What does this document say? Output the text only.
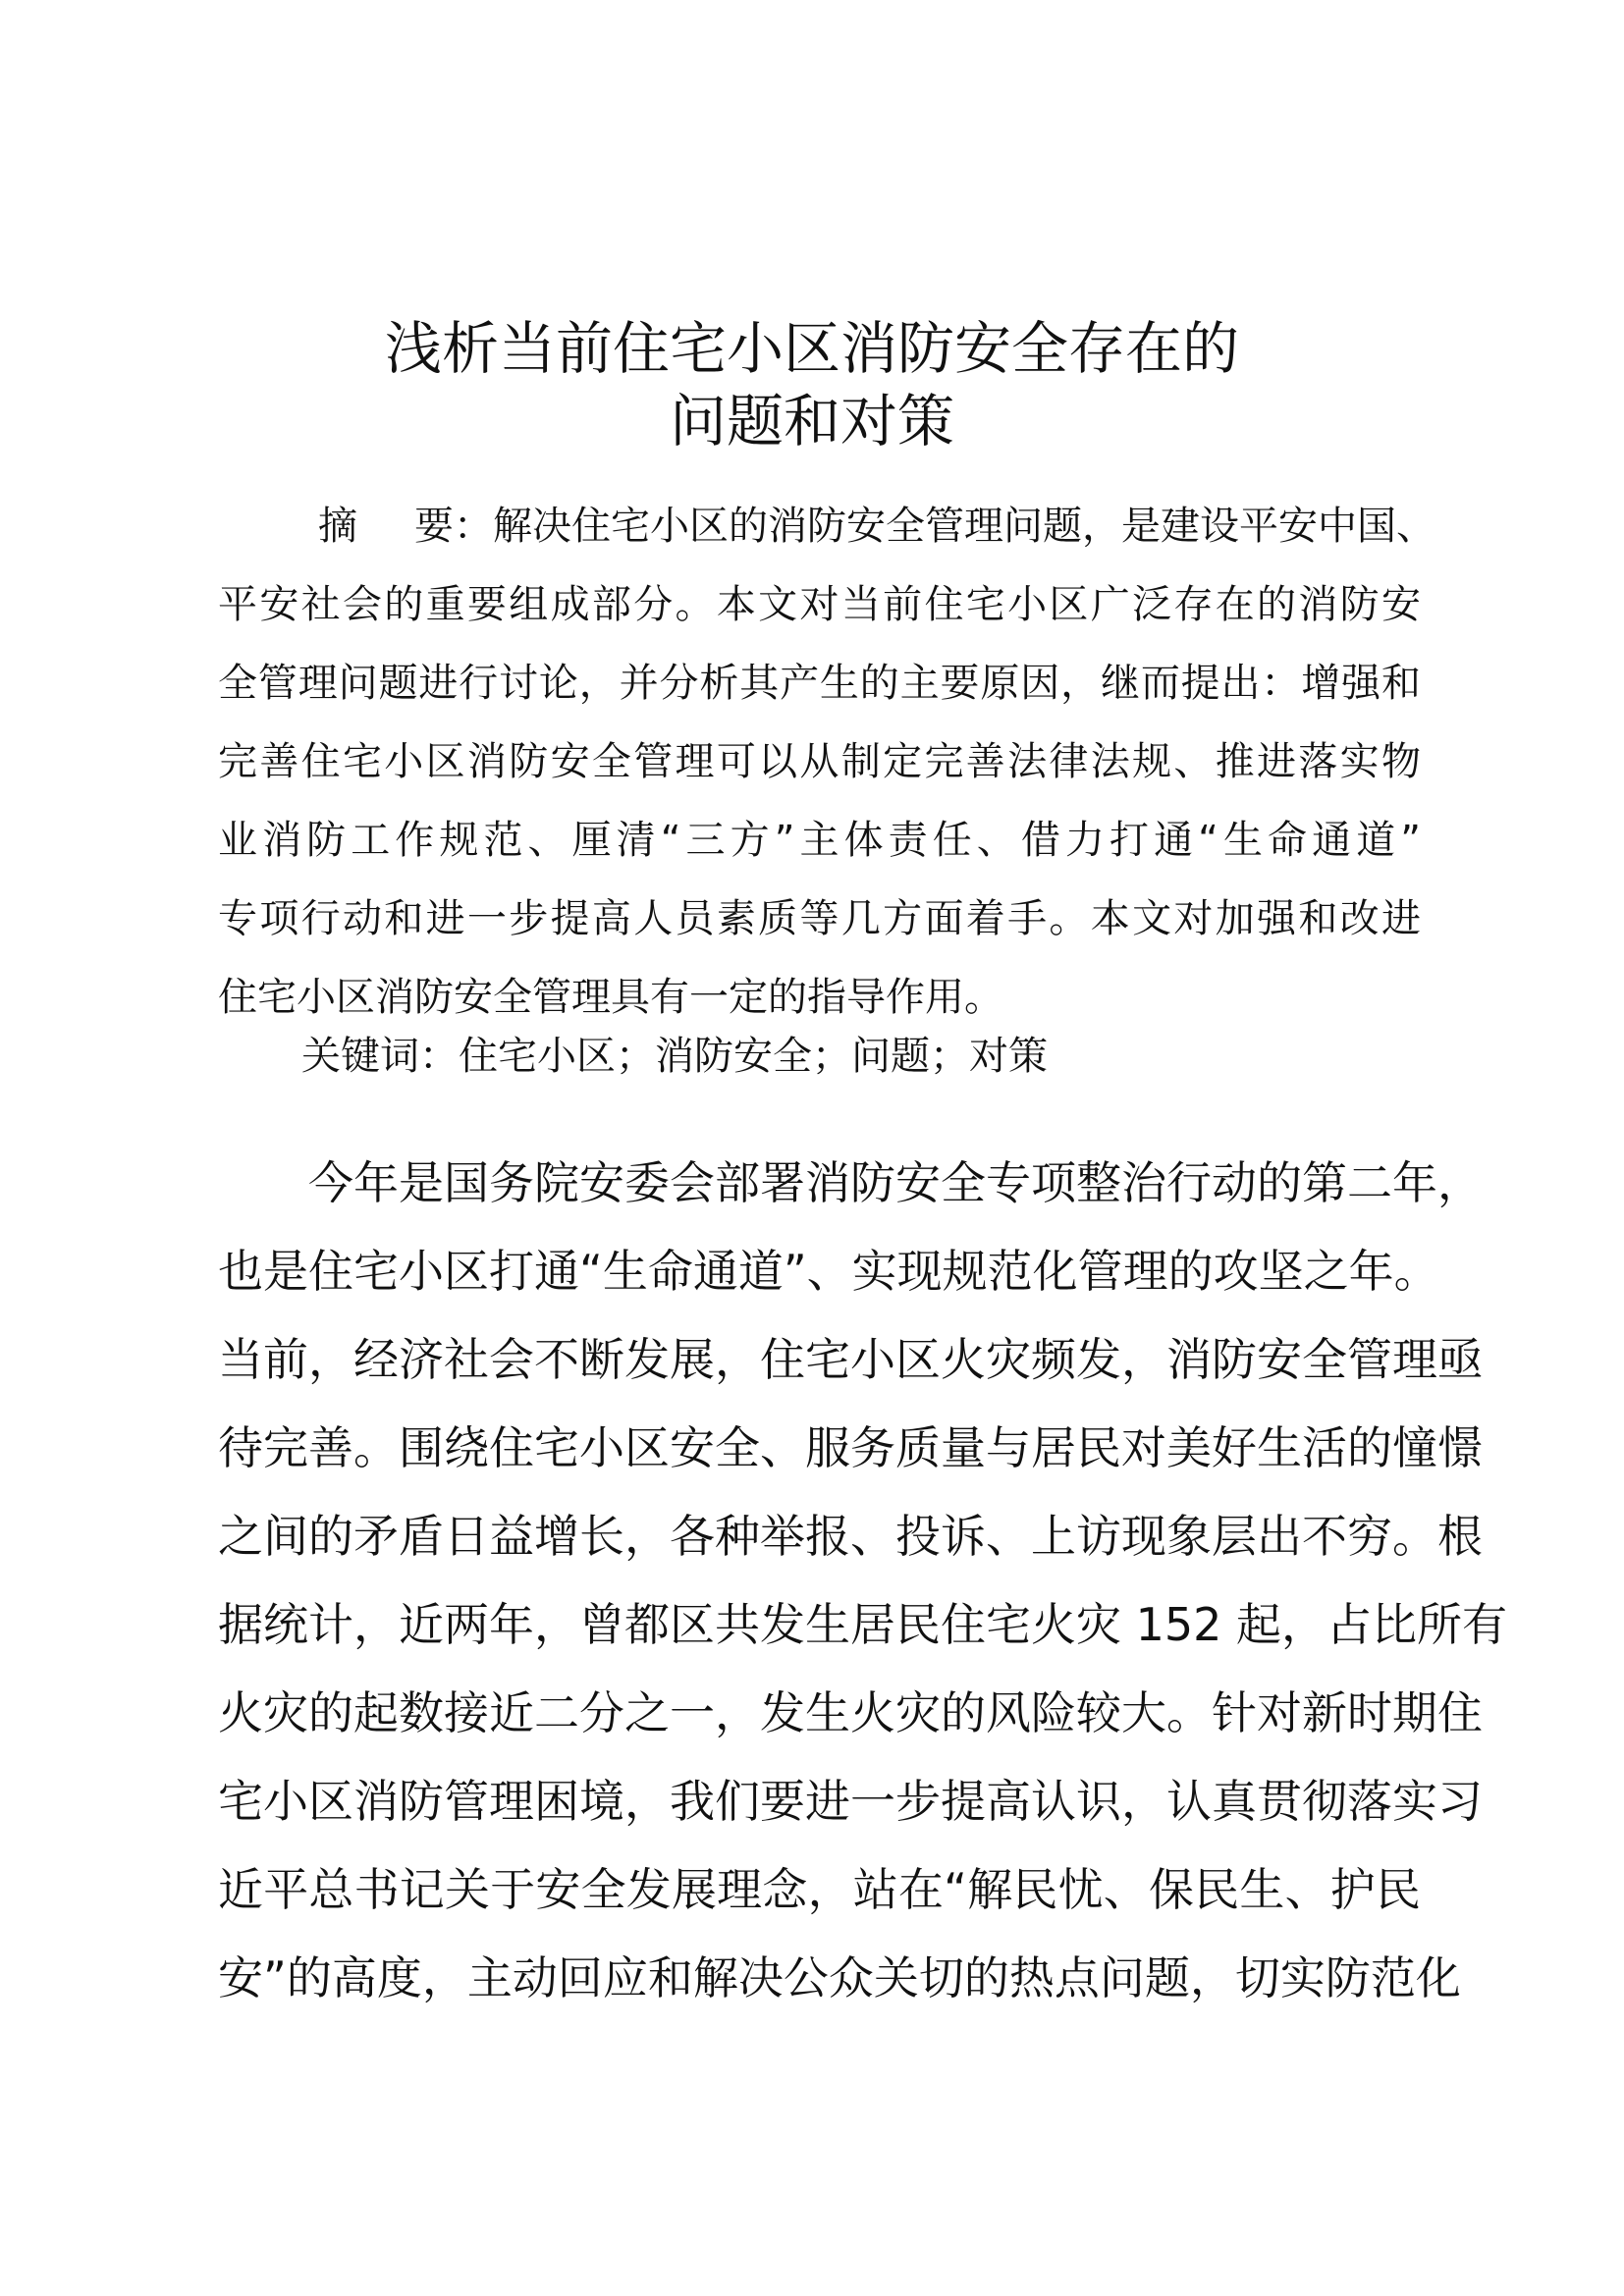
浅析当前住宅小区消防安全存在的
问题和对策
摘 要：解决住宅小区的消防安全管理问题，是建设平安中国、
平安社会的重要组成部分。本文对当前住宅小区广泛存在的消防安
全管理问题进行讨论，并分析其产生的主要原因，继而提出：增强和
完善住宅小区消防安全管理可以从制定完善法律法规、推进落实物
业消防工作规范、厘清“三方”主体责任、借力打通“生命通道”
专项行动和进一步提高人员素质等几方面着手。本文对加强和改进
住宅小区消防安全管理具有一定的指导作用。
关键词：住宅小区；消防安全；问题；对策
今年是国务院安委会部署消防安全专项整治行动的第二年，
也是住宅小区打通“生命通道”、实现规范化管理的攻坚之年。
当前，经济社会不断发展，住宅小区火灾频发，消防安全管理亟
待完善。围绕住宅小区安全、服务质量与居民对美好生活的憧憬
之间的矛盾日益增长，各种举报、投诉、上访现象层出不穷。根
据统计，近两年，曾都区共发生居民住宅火灾 152 起，占比所有
火灾的起数接近二分之一，发生火灾的风险较大。针对新时期住
宅小区消防管理困境，我们要进一步提高认识，认真贯彻落实习
近平总书记关于安全发展理念，站在“解民忧、保民生、护民
安”的高度，主动回应和解决公众关切的热点问题，切实防范化
